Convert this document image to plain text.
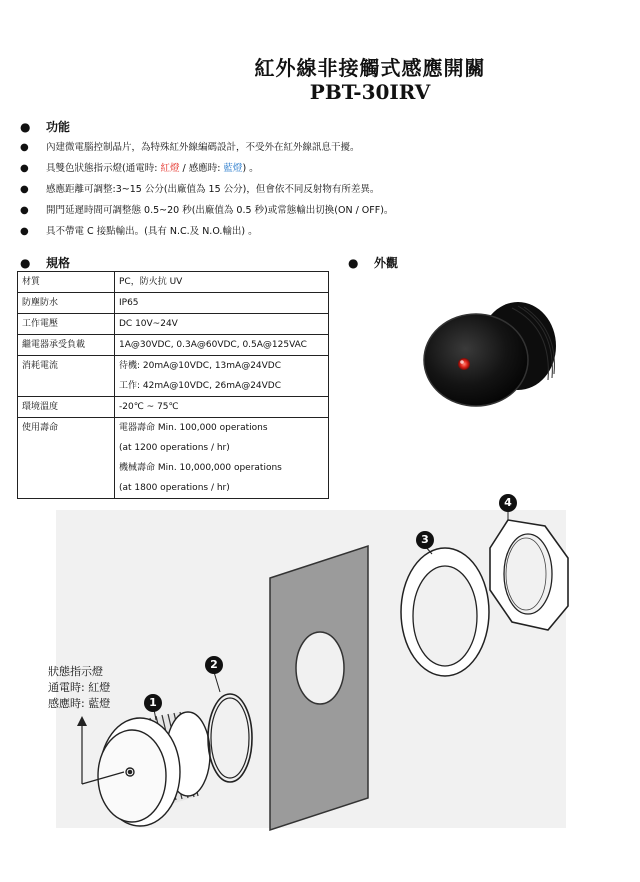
紅外線非接觸式感應開關
PBT-30IRV
● 功能
●	內建微電腦控制晶片，為特殊紅外線編碼設計，不受外在紅外線訊息干擾。
●	具雙色狀態指示燈(通電時: 紅燈 / 感應時: 藍燈) 。
●	感應距離可調整:3~15 公分(出廠值為 15 公分)，但會依不同反射物有所差異。
●	開門延遲時間可調整態 0.5~20 秒(出廠值為 0.5 秒)或常態輸出切換(ON / OFF)。
●	具不帶電 C 接點輸出。(具有 N.C.及 N.O.輸出) 。
● 規格	● 外觀
材質	PC，防火抗 UV

防塵防水	IP65

工作電壓	DC 10V~24V

繼電器承受負載	1A@30VDC, 0.3A@60VDC, 0.5A@125VAC

消耗電流	待機: 20mA@10VDC, 13mA@24VDC
工作: 42mA@10VDC, 26mA@24VDC

環境溫度	-20℃ ~ 75℃

使用壽命	電器壽命 Min. 100,000 operations
(at 1200 operations / hr)
機械壽命 Min. 10,000,000 operations
(at 1800 operations / hr)
狀態指示燈
通電時: 紅燈
感應時: 藍燈	1
2
3
4
